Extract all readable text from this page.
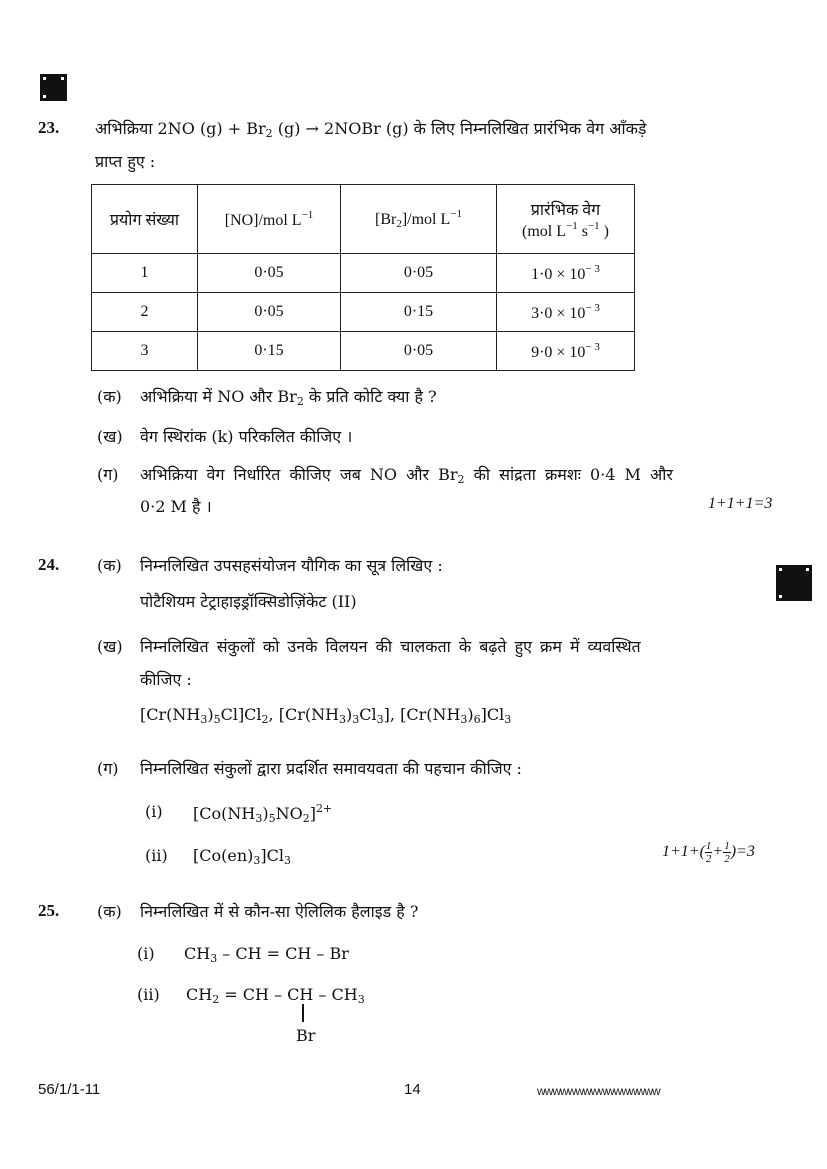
23. अभिक्रिया 2NO $(g) + Br_2$ (g) → 2NOBr (g) के लिए निम्नलिखित प्रारंभिक वेग आँकड़े
प्राप्त हुए :
प्रयोग संख्या	[NO]/mol $L^{-1}$	$[Br_2]$/mol $L^{-1}$	प्रारंभिक वेग
(mol $L^{-1}$ $s^{-1}$ )

1	0·05	0·05	$1\cdot 0 \times 10^{- 3}$
2	0·05	0·15	$3\cdot 0 \times 10^{- 3}$
3	0·15	0·05	$9\cdot 0 \times 10^{- 3}$
(क) अभिक्रिया में NO और $Br_2$ के प्रति कोटि क्या है ?
(ख) वेग स्थिरांक (k) परिकलित कीजिए ।
(ग) अभिक्रिया वेग निर्धारित कीजिए जब NO और $Br_2$ की सांद्रता क्रमशः 0·4 M और
0·2 M है ।	1+1+1=3
24. (क) निम्नलिखित उपसहसंयोजन यौगिक का सूत्र लिखिए :
पोटैशियम टेट्राहाइड्रॉक्सिडोज़िंकेट (II)
(ख) निम्नलिखित संकुलों को उनके विलयन की चालकता के बढ़ते हुए क्रम में व्यवस्थित
कीजिए :
$[Cr(NH_3)_5Cl]Cl_2$, $[Cr(NH_3)_3Cl_3]$, $[Cr(NH_3)_6]Cl_3$
(ग) निम्नलिखित संकुलों द्वारा प्रदर्शित समावयवता की पहचान कीजिए :
(i) $[Co(NH_3)_5NO_2]^{2+}$
(ii) $[Co(en)_3]Cl_3$
$1+1+( \frac{1}{2} + \frac{1}{2} )=3$
25. (क) निम्नलिखित में से कौन-सा ऐलिलिक हैलाइड है ?
(i) $CH_3$ – CH = CH – Br
(ii) $CH_2$ = CH – CH – $CH_3$
Br
56/1/1-11	14	wwwwwwwwwwwwwwww
